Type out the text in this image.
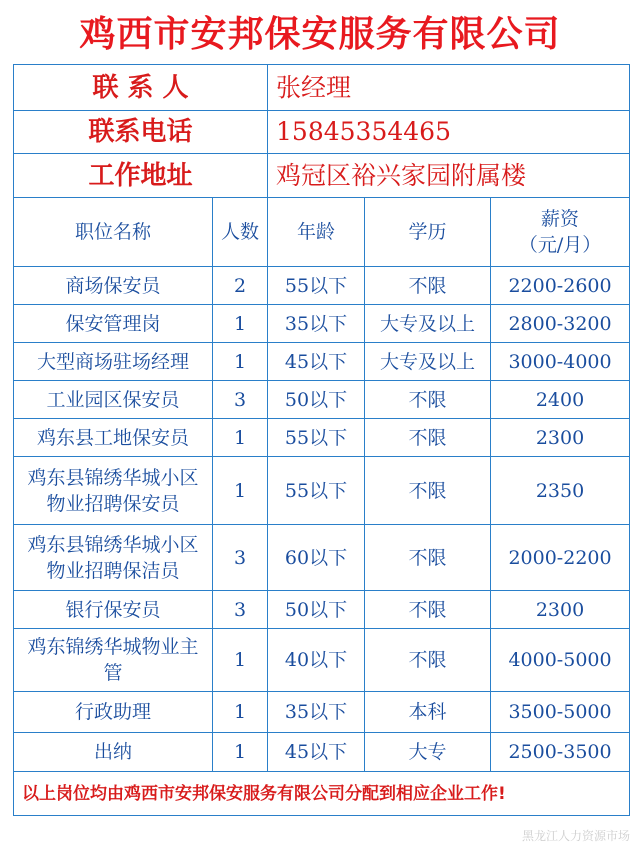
鸡西市安邦保安服务有限公司
联 系 人		张经理		
联系电话		15845354465		
工作地址		鸡冠区裕兴家园附属楼		
职位名称	人数	年龄	学历	薪资
（元/月）

商场保安员	2	55以下	不限	2200-2600
保安管理岗	1	35以下	大专及以上	2800-3200
大型商场驻场经理	1	45以下	大专及以上	3000-4000
工业园区保安员	3	50以下	不限	2400
鸡东县工地保安员	1	55以下	不限	2300
鸡东县锦绣华城小区物业招聘保安员	1	55以下	不限	2350
鸡东县锦绣华城小区物业招聘保洁员	3	60以下	不限	2000-2200
银行保安员	3	50以下	不限	2300
鸡东锦绣华城物业主管	1	40以下	不限	4000-5000
行政助理	1	35以下	本科	3500-5000
出纳	1	45以下	大专	2500-3500
以上岗位均由鸡西市安邦保安服务有限公司分配到相应企业工作!				
黑龙江人力资源市场
